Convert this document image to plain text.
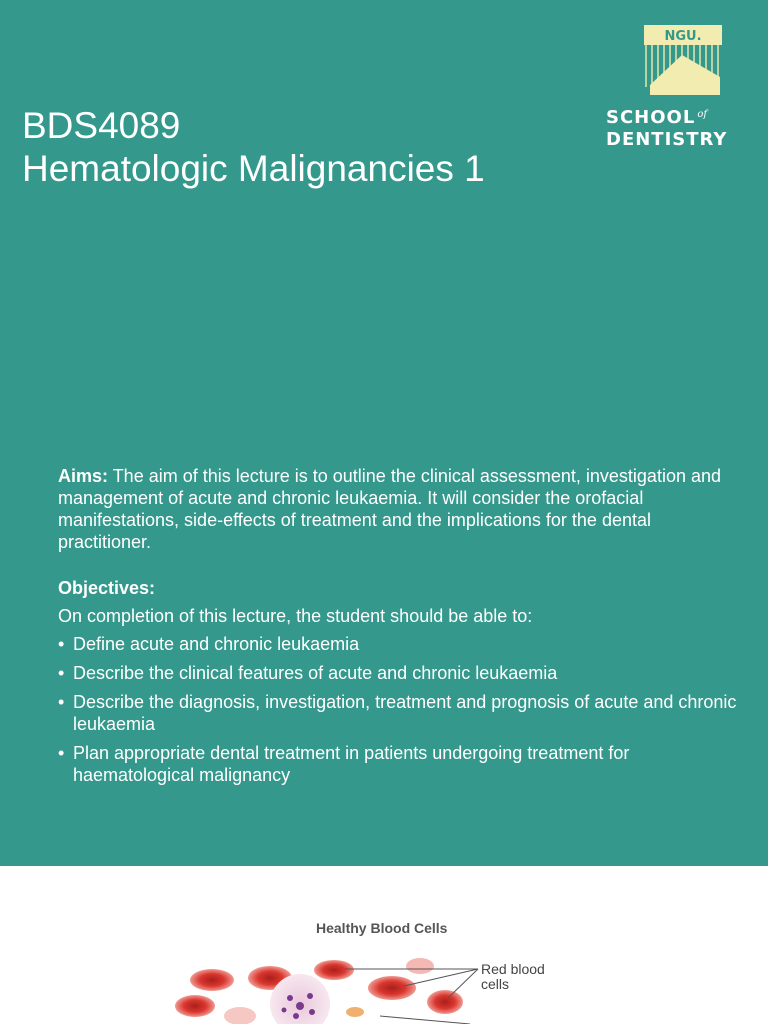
BDS4089
Hematologic Malignancies 1
NGU.
SCHOOL $^{of}$
DENTISTRY

Aims: The aim of this lecture is to outline the clinical assessment, investigation and management of acute and chronic leukaemia. It will consider the orofacial manifestations, side-effects of treatment and the implications for the dental practitioner.

Objectives:

On completion of this lecture, the student should be able to:

• Define acute and chronic leukaemia
• Describe the clinical features of acute and chronic leukaemia
• Describe the diagnosis, investigation, treatment and prognosis of acute and chronic leukaemia
• Plan appropriate dental treatment in patients undergoing treatment for haematological malignancy
Healthy Blood Cells
Red blood cells
